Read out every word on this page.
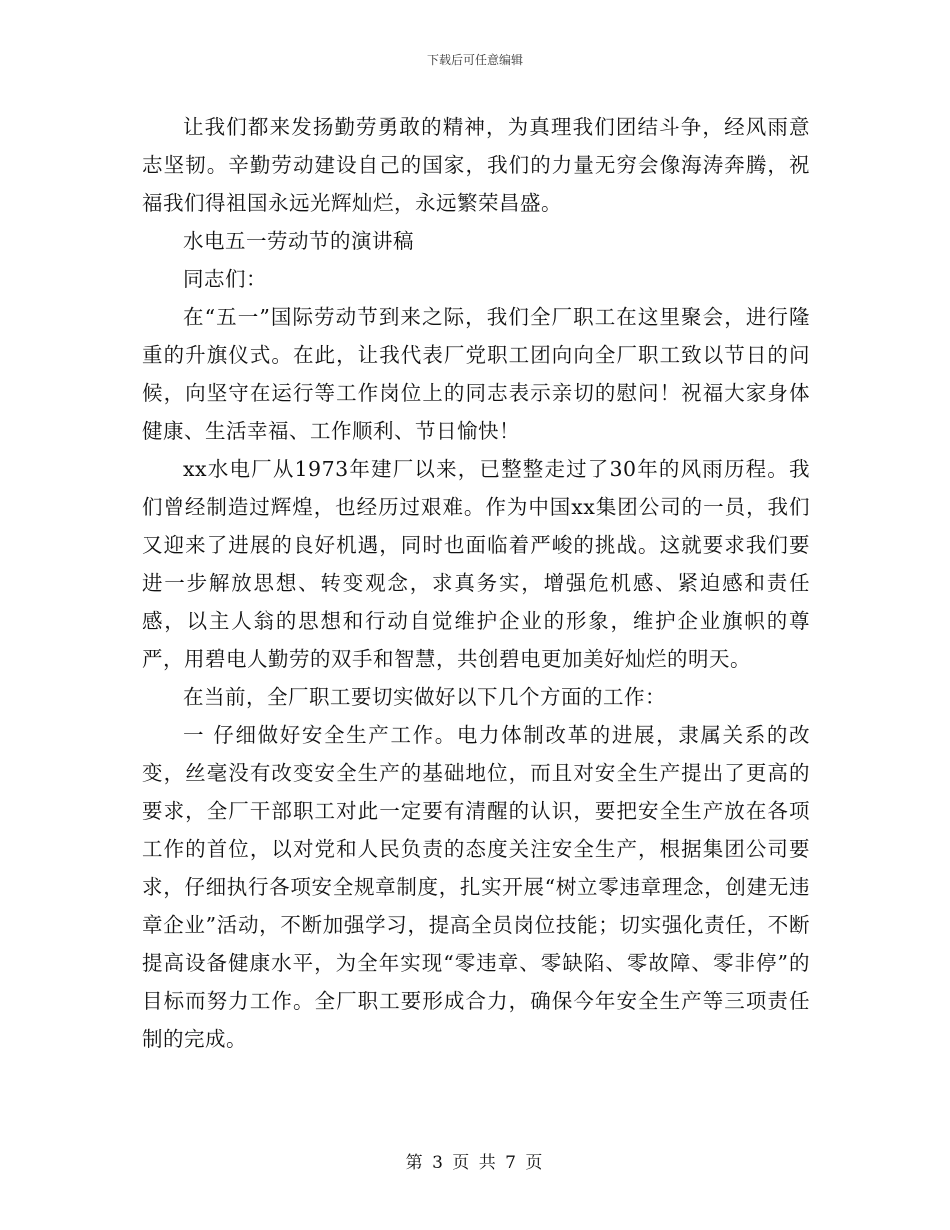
下载后可任意编辑

让我们都来发扬勤劳勇敢的精神，为真理我们团结斗争，经风雨意志坚韧。辛勤劳动建设自己的国家，我们的力量无穷会像海涛奔腾，祝福我们得祖国永远光辉灿烂，永远繁荣昌盛。

水电五一劳动节的演讲稿

同志们：

在“五一”国际劳动节到来之际，我们全厂职工在这里聚会，进行隆重的升旗仪式。在此，让我代表厂党职工团向向全厂职工致以节日的问候，向坚守在运行等工作岗位上的同志表示亲切的慰问！祝福大家身体健康、生活幸福、工作顺利、节日愉快！

xx水电厂从1973年建厂以来，已整整走过了30年的风雨历程。我们曾经制造过辉煌，也经历过艰难。作为中国xx集团公司的一员，我们又迎来了进展的良好机遇，同时也面临着严峻的挑战。这就要求我们要进一步解放思想、转变观念，求真务实，增强危机感、紧迫感和责任感，以主人翁的思想和行动自觉维护企业的形象，维护企业旗帜的尊严，用碧电人勤劳的双手和智慧，共创碧电更加美好灿烂的明天。

在当前，全厂职工要切实做好以下几个方面的工作：

一 仔细做好安全生产工作。电力体制改革的进展，隶属关系的改变，丝毫没有改变安全生产的基础地位，而且对安全生产提出了更高的要求，全厂干部职工对此一定要有清醒的认识，要把安全生产放在各项工作的首位，以对党和人民负责的态度关注安全生产，根据集团公司要求，仔细执行各项安全规章制度，扎实开展“树立零违章理念，创建无违章企业”活动，不断加强学习，提高全员岗位技能；切实强化责任，不断提高设备健康水平，为全年实现“零违章、零缺陷、零故障、零非停”的目标而努力工作。全厂职工要形成合力，确保今年安全生产等三项责任制的完成。

第 3 页 共 7 页
